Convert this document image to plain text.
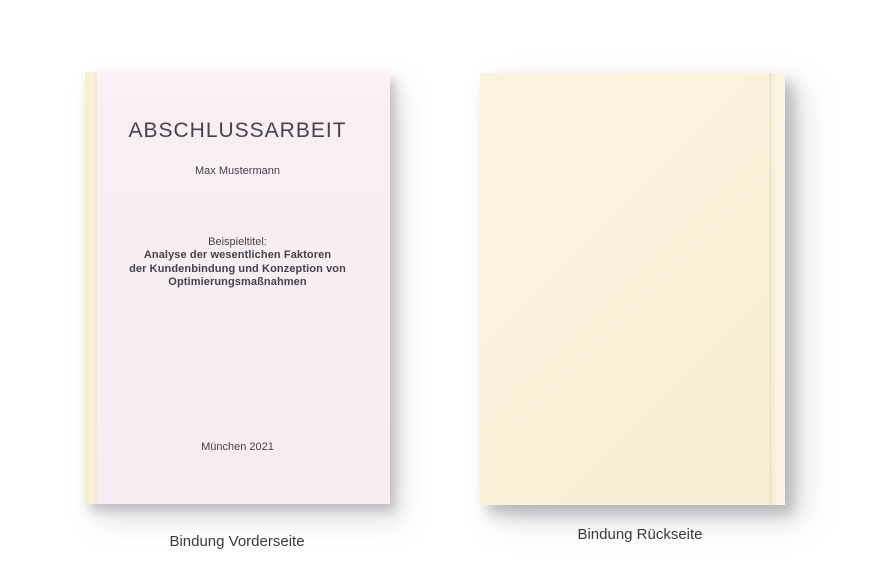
ABSCHLUSSARBEIT

Max Mustermann

Beispieltitel:

Analyse der wesentlichen Faktoren

der Kundenbindung und Konzeption von

Optimierungsmaßnahmen

München 2021

Bindung Vorderseite	Bindung Rückseite
